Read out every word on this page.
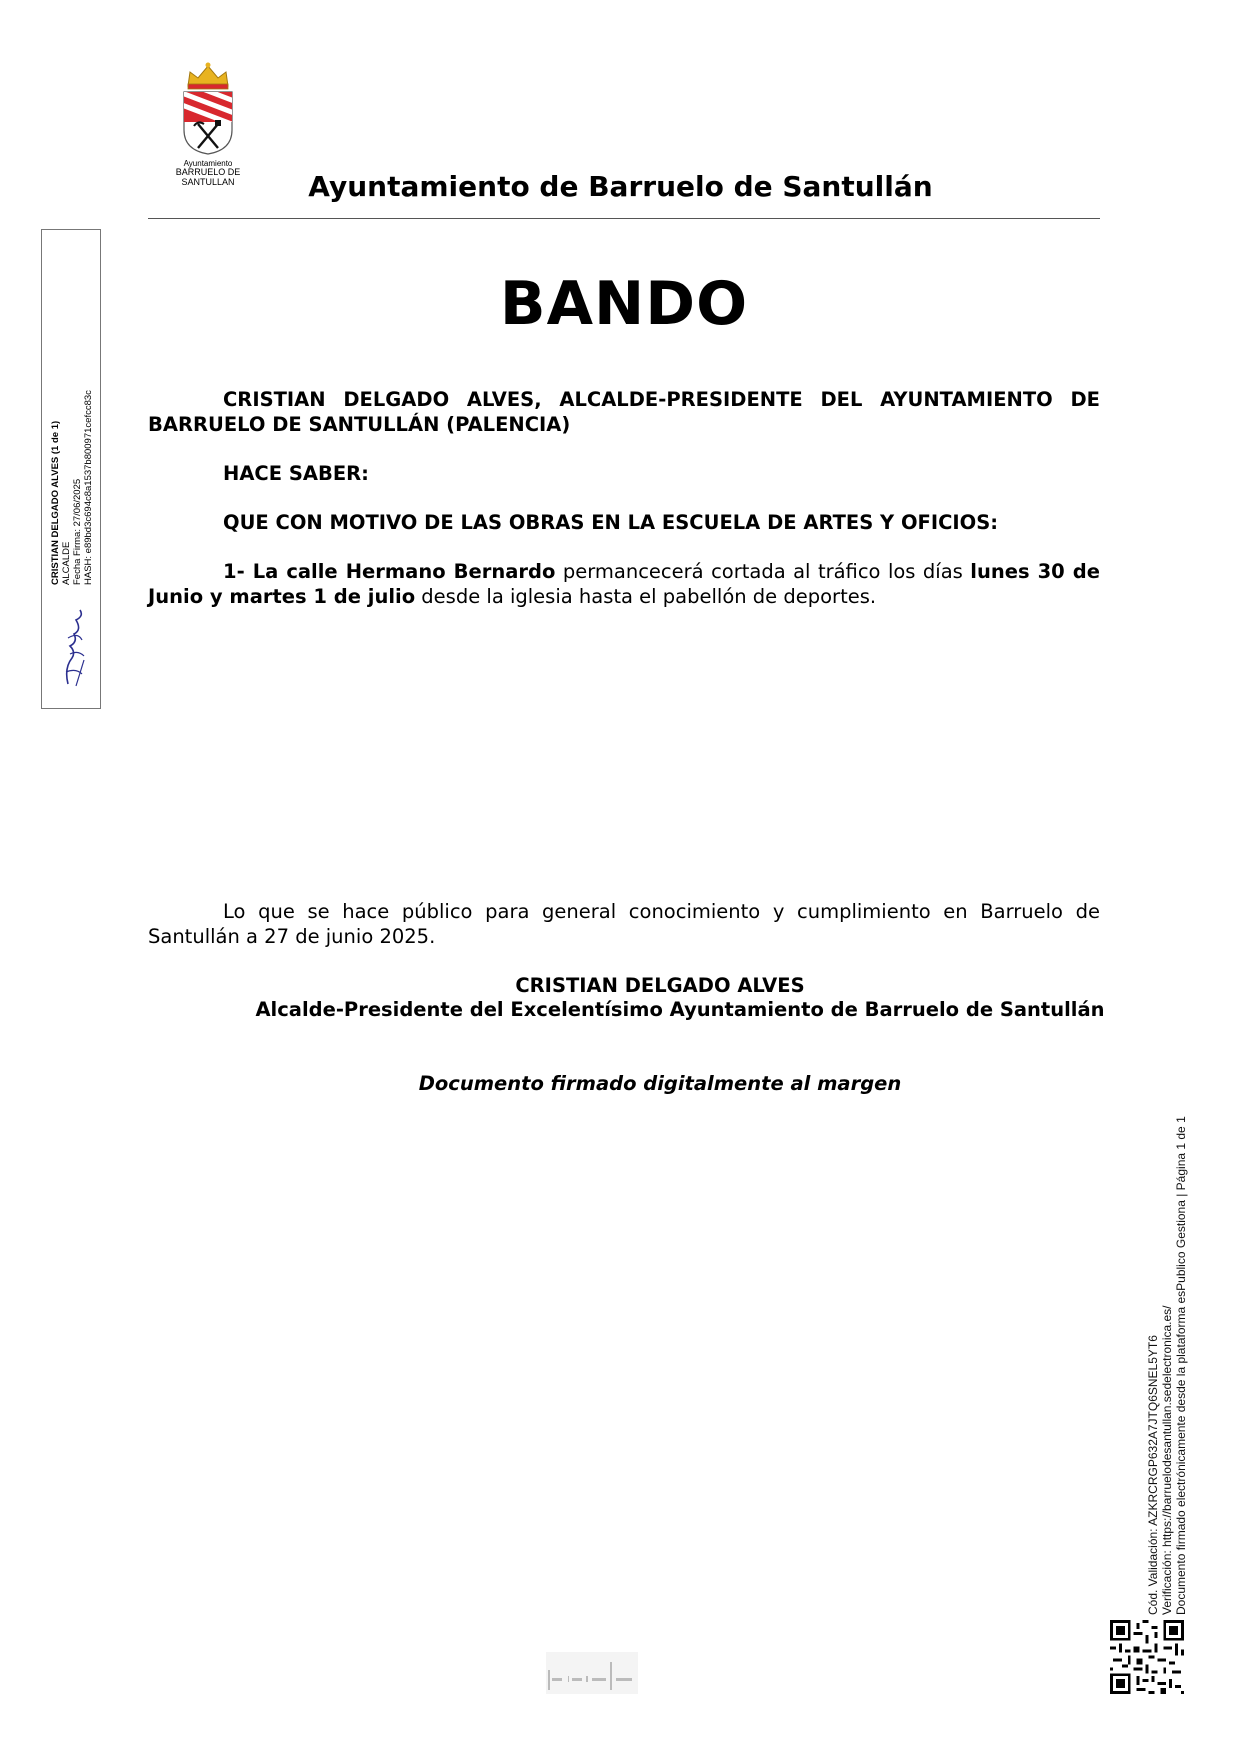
Ayuntamiento
BARRUELO DE SANTULLAN	Ayuntamiento de Barruelo de Santullán
CRISTIAN DELGADO ALVES (1 de 1) ALCALDE Fecha Firma: 27/06/2025 HASH: e89bd3c694c8a1537b800971cefcc83c
BANDO
CRISTIAN DELGADO ALVES, ALCALDE-PRESIDENTE DEL AYUNTAMIENTO DE BARRUELO DE SANTULLÁN (PALENCIA)
HACE SABER:
QUE CON MOTIVO DE LAS OBRAS EN LA ESCUELA DE ARTES Y OFICIOS:
1- La calle Hermano Bernardo permancecerá cortada al tráfico los días lunes 30 de Junio y martes 1 de julio desde la iglesia hasta el pabellón de deportes.
Lo que se hace público para general conocimiento y cumplimiento en Barruelo de Santullán a 27 de junio 2025.
CRISTIAN DELGADO ALVES
Alcalde-Presidente del Excelentísimo Ayuntamiento de Barruelo de Santullán
Documento firmado digitalmente al margen
Cód. Validación: AZKRCRGP632A7JTQ6SNEL5YT6 Verificación: https://barruelodesantullan.sedelectronica.es/ Documento firmado electrónicamente desde la plataforma esPublico Gestiona | Página 1 de 1
